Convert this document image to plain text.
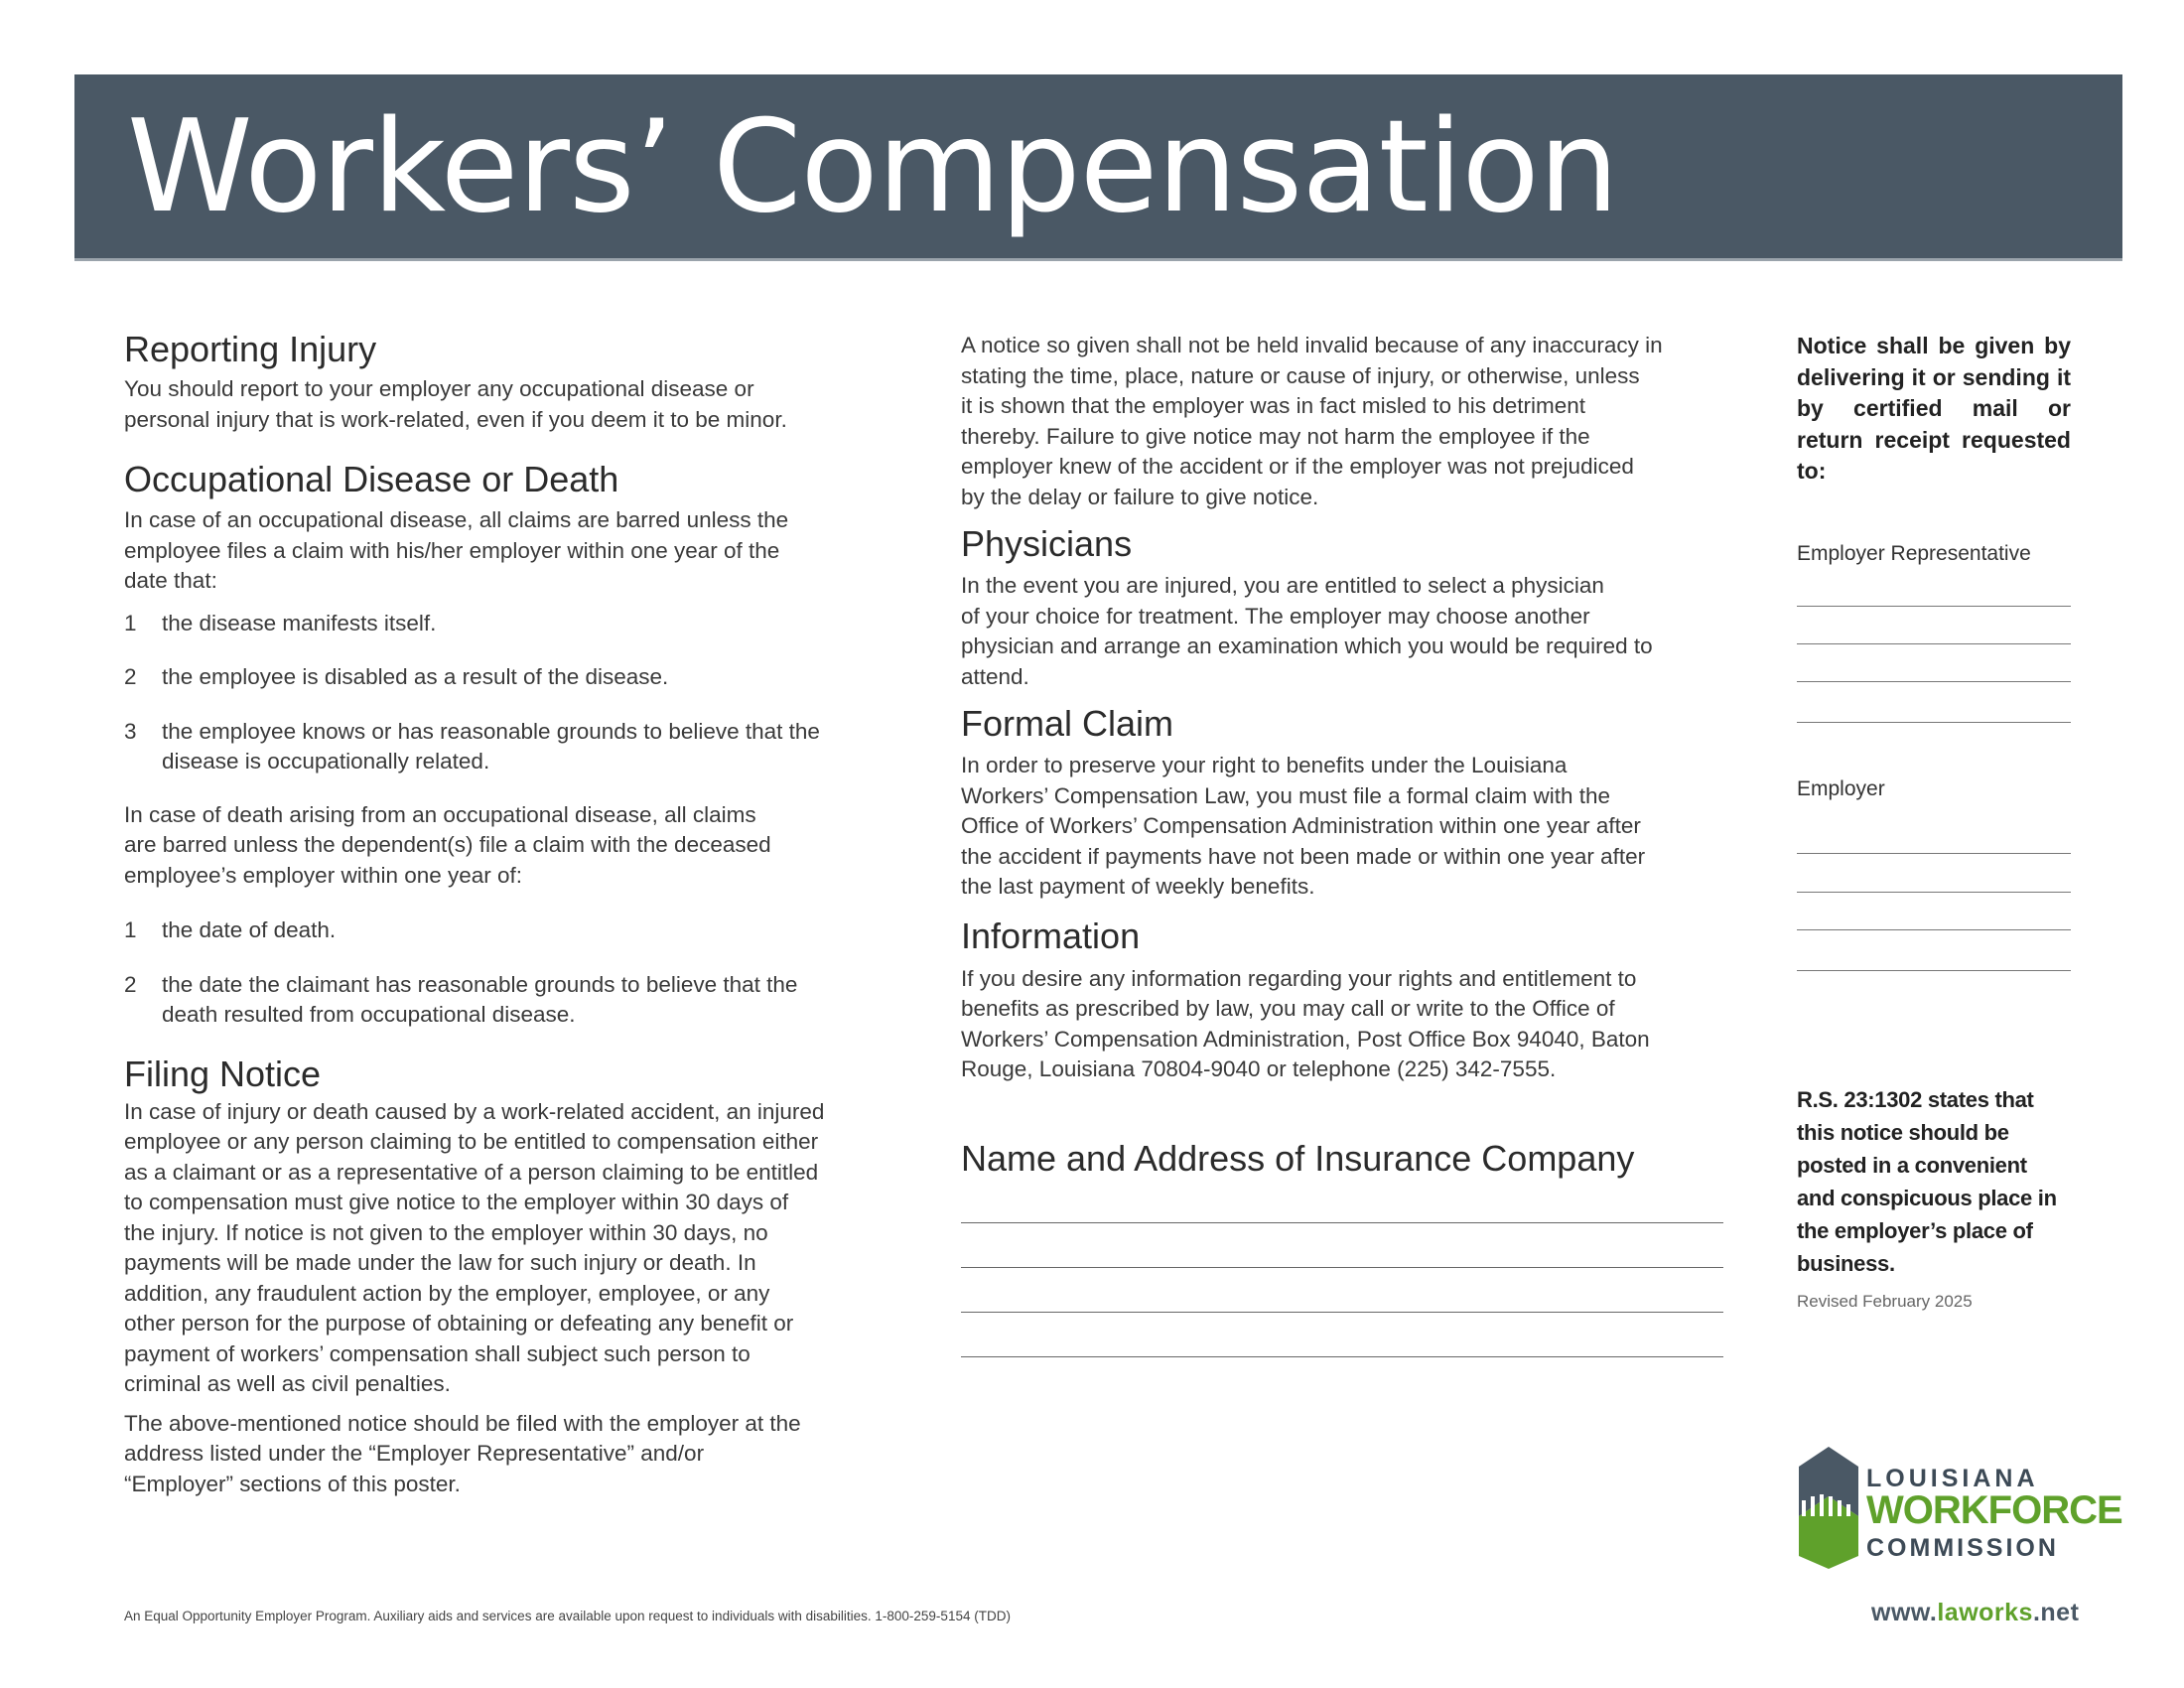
Workers’ Compensation
Reporting Injury

You should report to your employer any occupational disease or
personal injury that is work-related, even if you deem it to be minor.

Occupational Disease or Death

In case of an occupational disease, all claims are barred unless the
employee files a claim with his/her employer within one year of the
date that:

1 the disease manifests itself.
2 the employee is disabled as a result of the disease.
3 the employee knows or has reasonable grounds to believe that the
disease is occupationally related.

In case of death arising from an occupational disease, all claims
are barred unless the dependent(s) file a claim with the deceased
employee’s employer within one year of:

1 the date of death.
2 the date the claimant has reasonable grounds to believe that the
death resulted from occupational disease.
Filing Notice

In case of injury or death caused by a work-related accident, an injured
employee or any person claiming to be entitled to compensation either
as a claimant or as a representative of a person claiming to be entitled
to compensation must give notice to the employer within 30 days of
the injury. If notice is not given to the employer within 30 days, no
payments will be made under the law for such injury or death. In
addition, any fraudulent action by the employer, employee, or any
other person for the purpose of obtaining or defeating any benefit or
payment of workers’ compensation shall subject such person to
criminal as well as civil penalties.

The above-mentioned notice should be filed with the employer at the
address listed under the “Employer Representative” and/or
“Employer” sections of this poster.

A notice so given shall not be held invalid because of any inaccuracy in
stating the time, place, nature or cause of injury, or otherwise, unless
it is shown that the employer was in fact misled to his detriment
thereby. Failure to give notice may not harm the employee if the
employer knew of the accident or if the employer was not prejudiced
by the delay or failure to give notice.

Physicians

In the event you are injured, you are entitled to select a physician
of your choice for treatment. The employer may choose another
physician and arrange an examination which you would be required to
attend.

Formal Claim

In order to preserve your right to benefits under the Louisiana
Workers’ Compensation Law, you must file a formal claim with the
Office of Workers’ Compensation Administration within one year after
the accident if payments have not been made or within one year after
the last payment of weekly benefits.

Information

If you desire any information regarding your rights and entitlement to
benefits as prescribed by law, you may call or write to the Office of
Workers’ Compensation Administration, Post Office Box 94040, Baton
Rouge, Louisiana 70804-9040 or telephone (225) 342-7555.

Name and Address of Insurance Company
Notice shall be given by delivering it or sending it by certified mail or return receipt requested to:
Employer Representative
Employer
R.S. 23:1302 states that
this notice should be
posted in a convenient
and conspicuous place in
the employer’s place of
business.
Revised February 2025
LOUISIANA
WORKFORCE
COMMISSION
www.laworks.net
An Equal Opportunity Employer Program. Auxiliary aids and services are available upon request to individuals with disabilities. 1-800-259-5154 (TDD)
